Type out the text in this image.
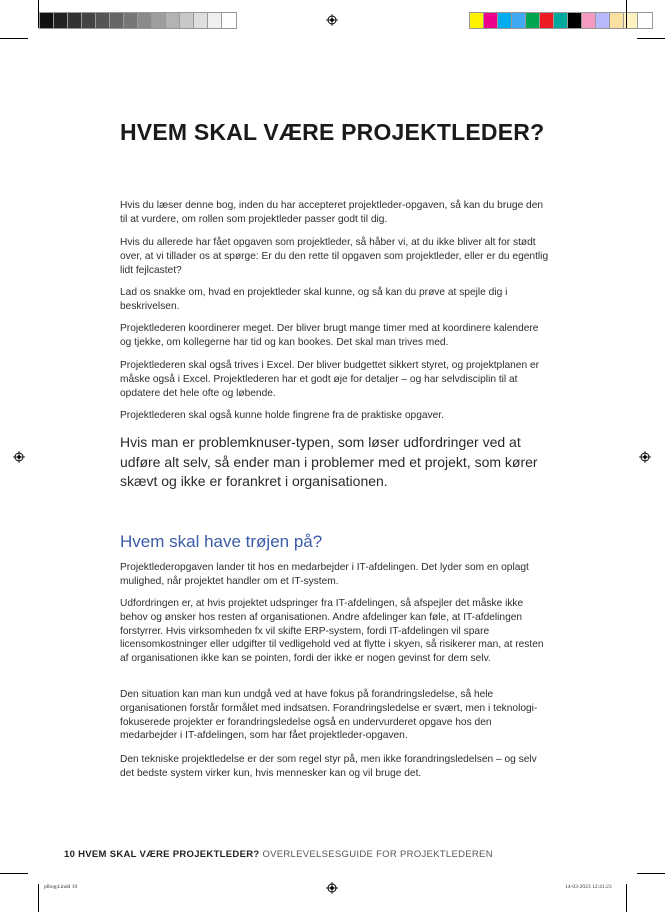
HVEM SKAL VÆRE PROJEKTLEDER?

Hvis du læser denne bog, inden du har accepteret projektleder-opgaven, så kan du bruge den til at vurdere, om rollen som projektleder passer godt til dig.

Hvis du allerede har fået opgaven som projektleder, så håber vi, at du ikke bliver alt for stødt over, at vi tillader os at spørge: Er du den rette til opgaven som projektleder, eller er du egentlig lidt fejlcastet?

Lad os snakke om, hvad en projektleder skal kunne, og så kan du prøve at spejle dig i beskrivelsen.

Projektlederen koordinerer meget. Der bliver brugt mange timer med at koordinere kalendere og tjekke, om kollegerne har tid og kan bookes. Det skal man trives med.

Projektlederen skal også trives i Excel. Der bliver budgettet sikkert styret, og projektplanen er måske også i Excel. Projektlederen har et godt øje for detaljer – og har selvdisciplin til at opdatere det hele ofte og løbende.

Projektlederen skal også kunne holde fingrene fra de praktiske opgaver.

Hvis man er problemknuser-typen, som løser udfordringer ved at udføre alt selv, så ender man i problemer med et projekt, som kører skævt og ikke er forankret i organisationen.

Hvem skal have trøjen på?

Projektlederopgaven lander tit hos en medarbejder i IT-afdelingen. Det lyder som en oplagt mulighed, når projektet handler om et IT-system.

Udfordringen er, at hvis projektet udspringer fra IT-afdelingen, så afspejler det måske ikke behov og ønsker hos resten af organisationen. Andre afdelinger kan føle, at IT-afdelingen forstyrrer. Hvis virksomheden fx vil skifte ERP-system, fordi IT-afdelingen vil spare licensomkostninger eller udgifter til vedligehold ved at flytte i skyen, så risikerer man, at resten af organisationen ikke kan se pointen, fordi der ikke er nogen gevinst for dem selv.

Den situation kan man kun undgå ved at have fokus på forandringsledelse, så hele organisationen forstår formålet med indsatsen. Forandringsledelse er svært, men i teknologi-fokuserede projekter er forandringsledelse også en undervurderet opgave hos den medarbejder i IT-afdelingen, som har fået projektleder-opgaven.

Den tekniske projektledelse er der som regel styr på, men ikke forandringsledelsen – og selv det bedste system virker kun, hvis mennesker kan og vil bruge det.

10 HVEM SKAL VÆRE PROJEKTLEDER? OVERLEVELSESGUIDE FOR PROJEKTLEDEREN
plbog4.indd 10	14-03-2023 12:41:23
